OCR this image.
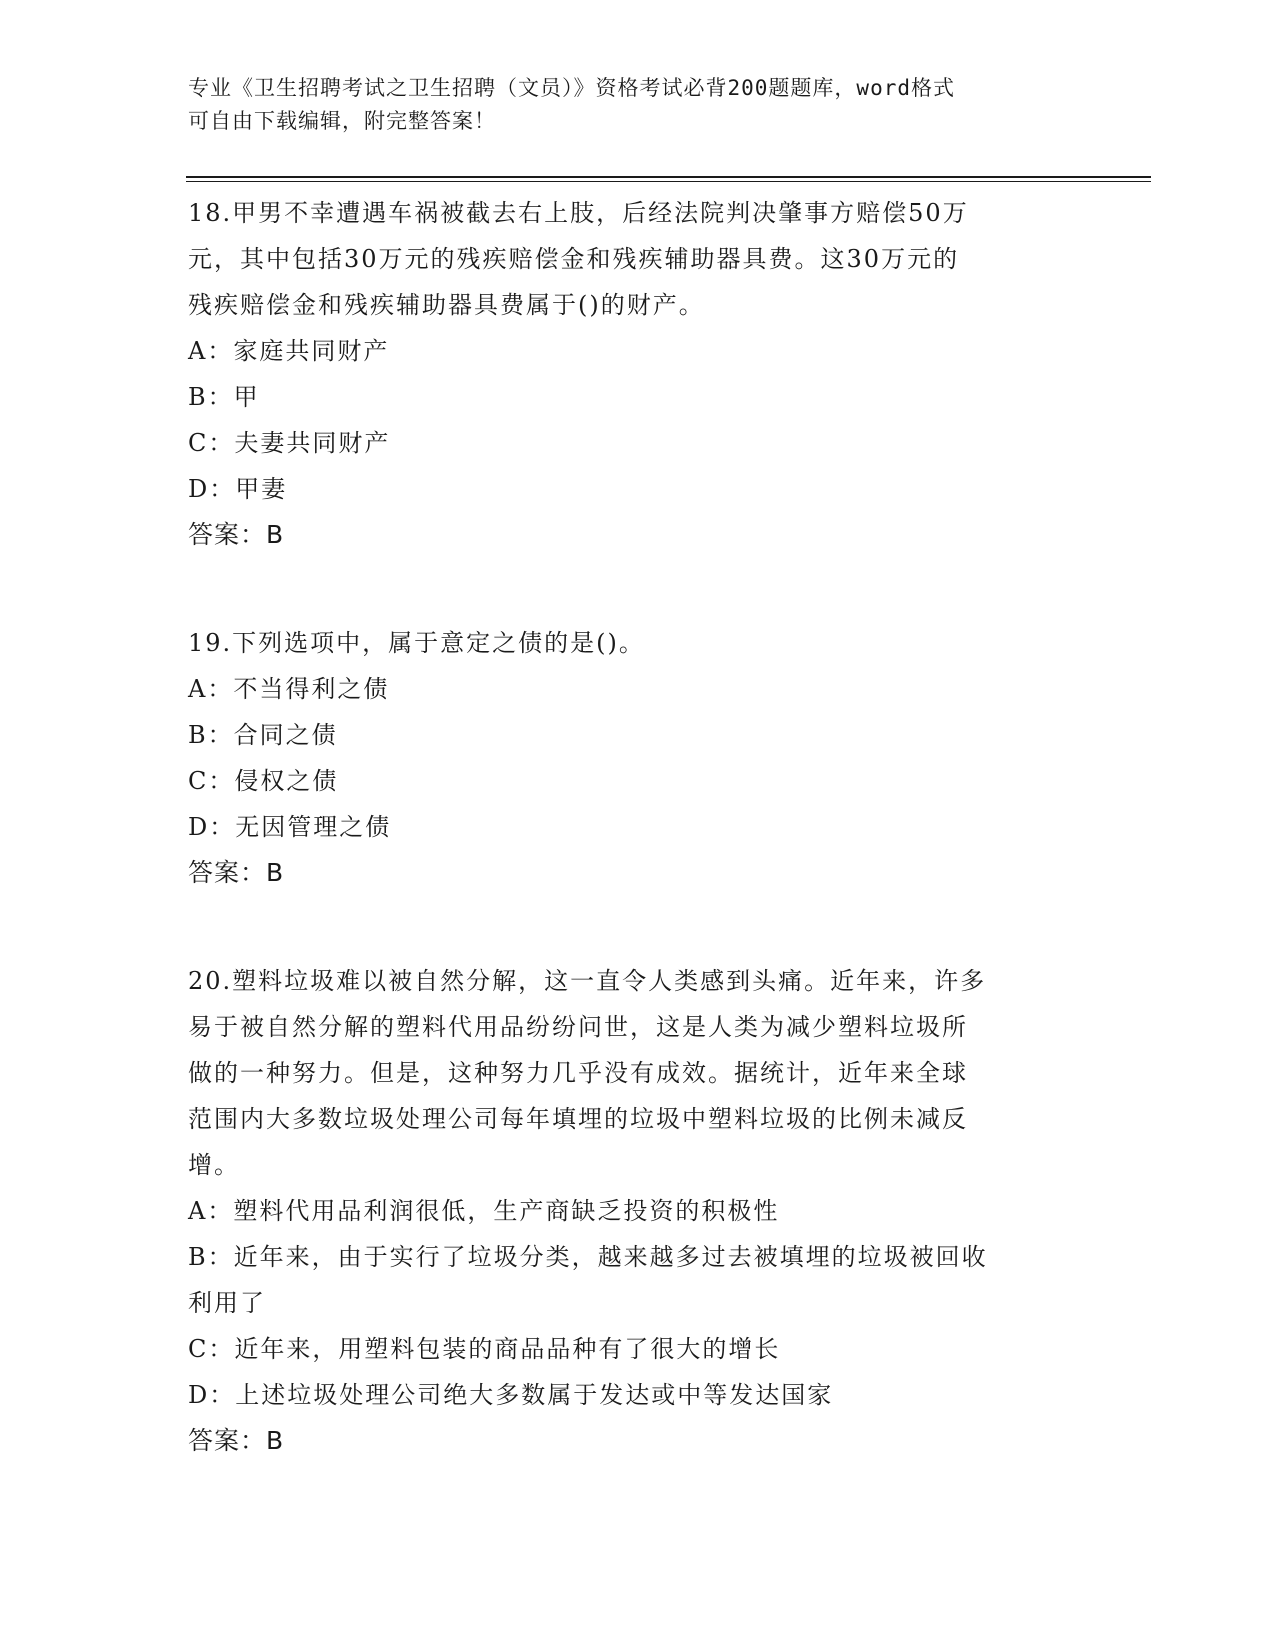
专业《卫生招聘考试之卫生招聘（文员）》资格考试必背200题题库，word格式
可自由下载编辑，附完整答案！

18.甲男不幸遭遇车祸被截去右上肢，后经法院判决肇事方赔偿50万

元，其中包括30万元的残疾赔偿金和残疾辅助器具费。这30万元的

残疾赔偿金和残疾辅助器具费属于()的财产。

A：家庭共同财产

B：甲

C：夫妻共同财产

D：甲妻

答案：B

19.下列选项中，属于意定之债的是()。

A：不当得利之债

B：合同之债

C：侵权之债

D：无因管理之债

答案：B

20.塑料垃圾难以被自然分解，这一直令人类感到头痛。近年来，许多

易于被自然分解的塑料代用品纷纷问世，这是人类为减少塑料垃圾所

做的一种努力。但是，这种努力几乎没有成效。据统计，近年来全球

范围内大多数垃圾处理公司每年填埋的垃圾中塑料垃圾的比例未减反

增。

A：塑料代用品利润很低，生产商缺乏投资的积极性

B：近年来，由于实行了垃圾分类，越来越多过去被填埋的垃圾被回收

利用了

C：近年来，用塑料包装的商品品种有了很大的增长

D：上述垃圾处理公司绝大多数属于发达或中等发达国家

答案：B
